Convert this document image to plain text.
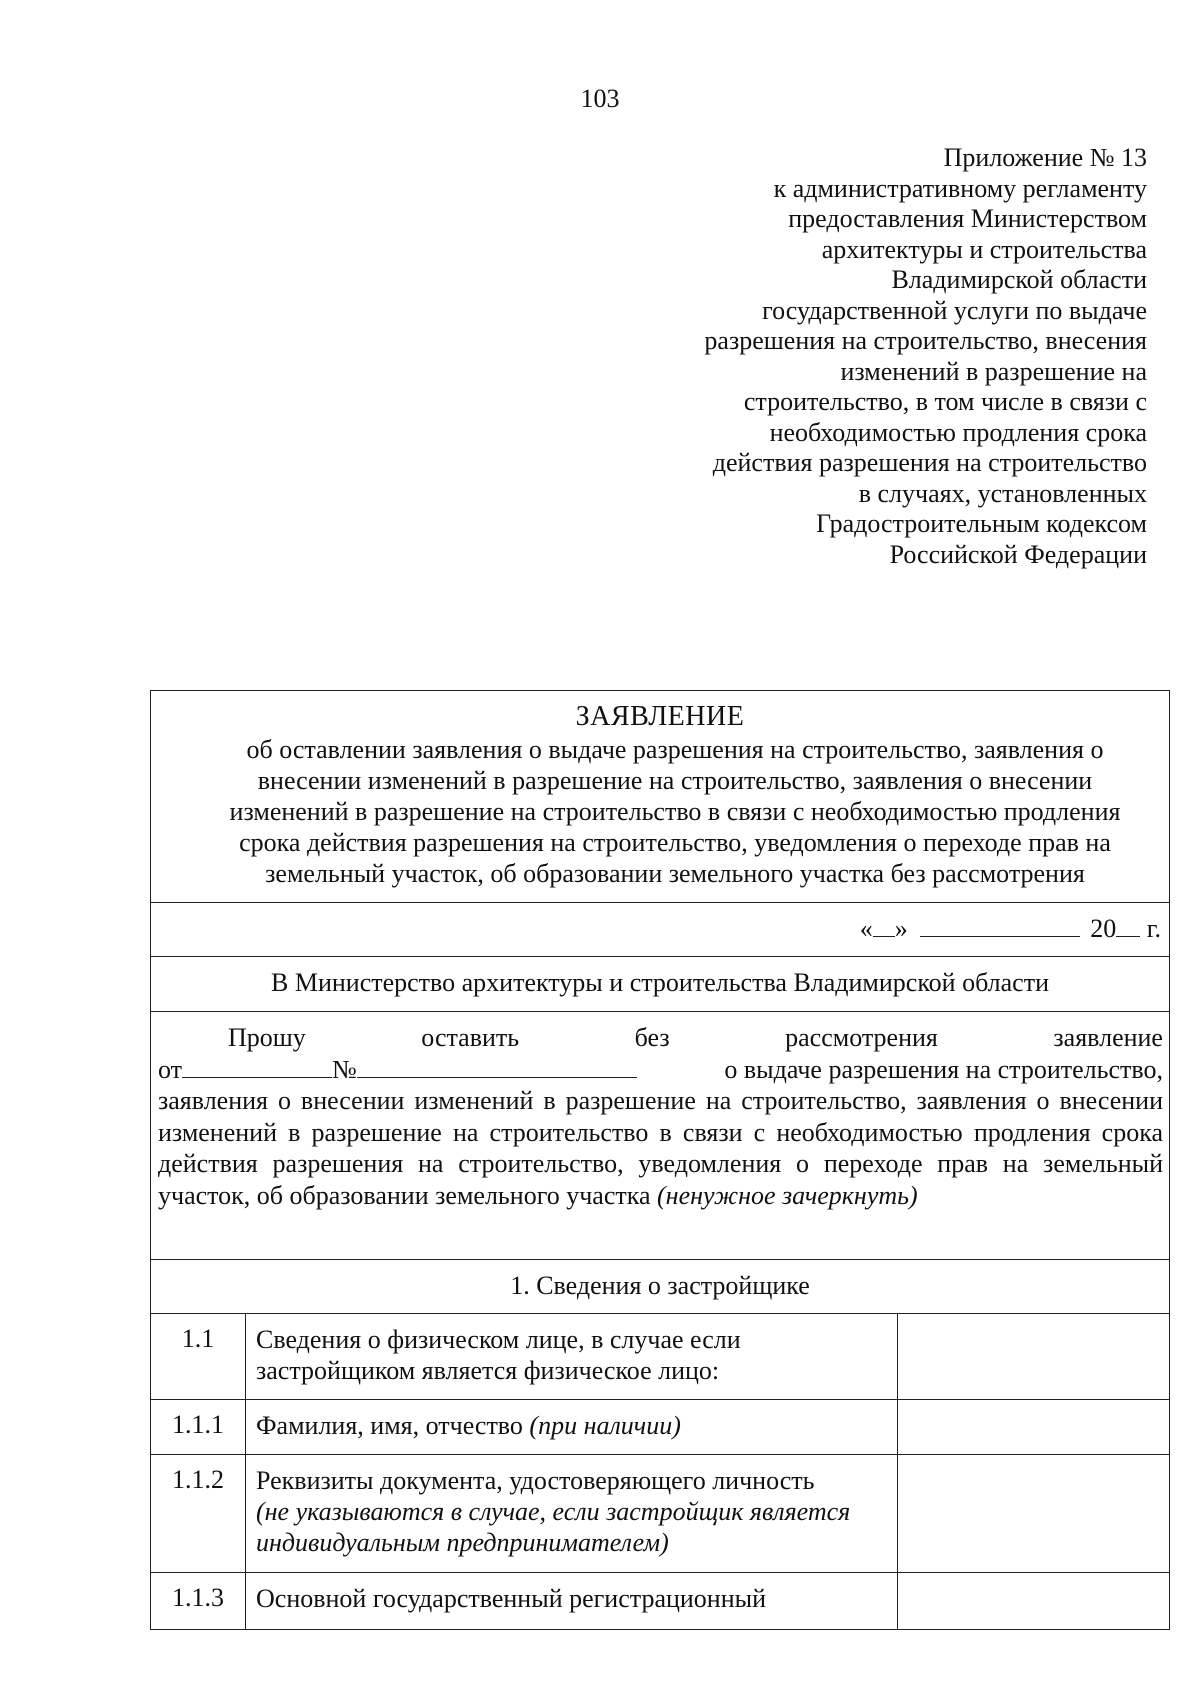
103
Приложение № 13
к административному регламенту
предоставления Министерством
архитектуры и строительства
Владимирской области
государственной услуги по выдаче
разрешения на строительство, внесения
изменений в разрешение на
строительство, в том числе в связи с
необходимостью продления срока
действия разрешения на строительство
в случаях, установленных
Градостроительным кодексом
Российской Федерации
ЗАЯВЛЕНИЕ
об оставлении заявления о выдаче разрешения на строительство, заявления о
внесении изменений в разрешение на строительство, заявления о внесении
изменений в разрешение на строительство в связи с необходимостью продления
срока действия разрешения на строительство, уведомления о переходе прав на
земельный участок, об образовании земельного участка без рассмотрения
« »	20 г.
В Министерство архитектуры и строительства Владимирской области
Прошу	оставить	без	рассмотрения	заявление
от	№	о выдаче разрешения на строительство,
заявления о внесении изменений в разрешение на строительство, заявления о внесении изменений в разрешение на строительство в связи с необходимостью продления срока действия разрешения на строительство, уведомления о переходе прав на земельный участок, об образовании земельного участка (ненужное зачеркнуть)
1. Сведения о застройщике
1.1	Сведения о физическом лице, в случае если застройщиком является физическое лицо:
1.1.1	Фамилия, имя, отчество (при наличии)
1.1.2	Реквизиты документа, удостоверяющего личность
(не указываются в случае, если застройщик является индивидуальным предпринимателем)
1.1.3	Основной государственный регистрационный
